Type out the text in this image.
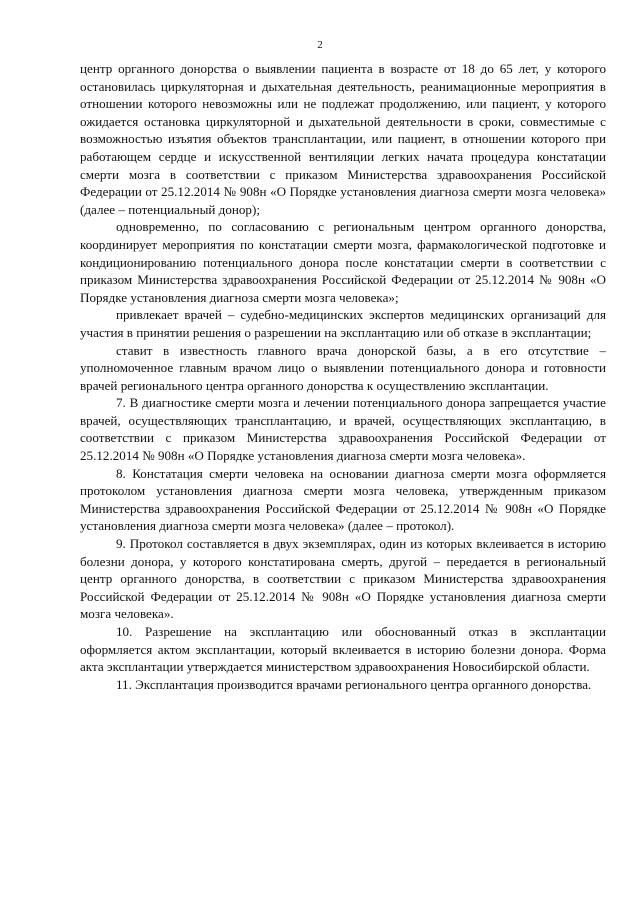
2

центр органного донорства о выявлении пациента в возрасте от 18 до 65 лет, у которого остановилась циркуляторная и дыхательная деятельность, реанимационные мероприятия в отношении которого невозможны или не подлежат продолжению, или пациент, у которого ожидается остановка циркуляторной и дыхательной деятельности в сроки, совместимые с возможностью изъятия объектов трансплантации, или пациент, в отношении которого при работающем сердце и искусственной вентиляции легких начата процедура констатации смерти мозга в соответствии с приказом Министерства здравоохранения Российской Федерации от 25.12.2014 № 908н «О Порядке установления диагноза смерти мозга человека» (далее – потенциальный донор);

одновременно, по согласованию с региональным центром органного донорства, координирует мероприятия по констатации смерти мозга, фармакологической подготовке и кондиционированию потенциального донора после констатации смерти в соответствии с приказом Министерства здравоохранения Российской Федерации от 25.12.2014 № 908н «О Порядке установления диагноза смерти мозга человека»;

привлекает врачей – судебно-медицинских экспертов медицинских организаций для участия в принятии решения о разрешении на эксплантацию или об отказе в эксплантации;

ставит в известность главного врача донорской базы, а в его отсутствие – уполномоченное главным врачом лицо о выявлении потенциального донора и готовности врачей регионального центра органного донорства к осуществлению эксплантации.

7. В диагностике смерти мозга и лечении потенциального донора запрещается участие врачей, осуществляющих трансплантацию, и врачей, осуществляющих эксплантацию, в соответствии с приказом Министерства здравоохранения Российской Федерации от 25.12.2014 № 908н «О Порядке установления диагноза смерти мозга человека».

8. Констатация смерти человека на основании диагноза смерти мозга оформляется протоколом установления диагноза смерти мозга человека, утвержденным приказом Министерства здравоохранения Российской Федерации от 25.12.2014 № 908н «О Порядке установления диагноза смерти мозга человека» (далее – протокол).

9. Протокол составляется в двух экземплярах, один из которых вклеивается в историю болезни донора, у которого констатирована смерть, другой – передается в региональный центр органного донорства, в соответствии с приказом Министерства здравоохранения Российской Федерации от 25.12.2014 № 908н «О Порядке установления диагноза смерти мозга человека».

10. Разрешение на эксплантацию или обоснованный отказ в эксплантации оформляется актом эксплантации, который вклеивается в историю болезни донора. Форма акта эксплантации утверждается министерством здравоохранения Новосибирской области.

11. Эксплантация производится врачами регионального центра органного донорства.
